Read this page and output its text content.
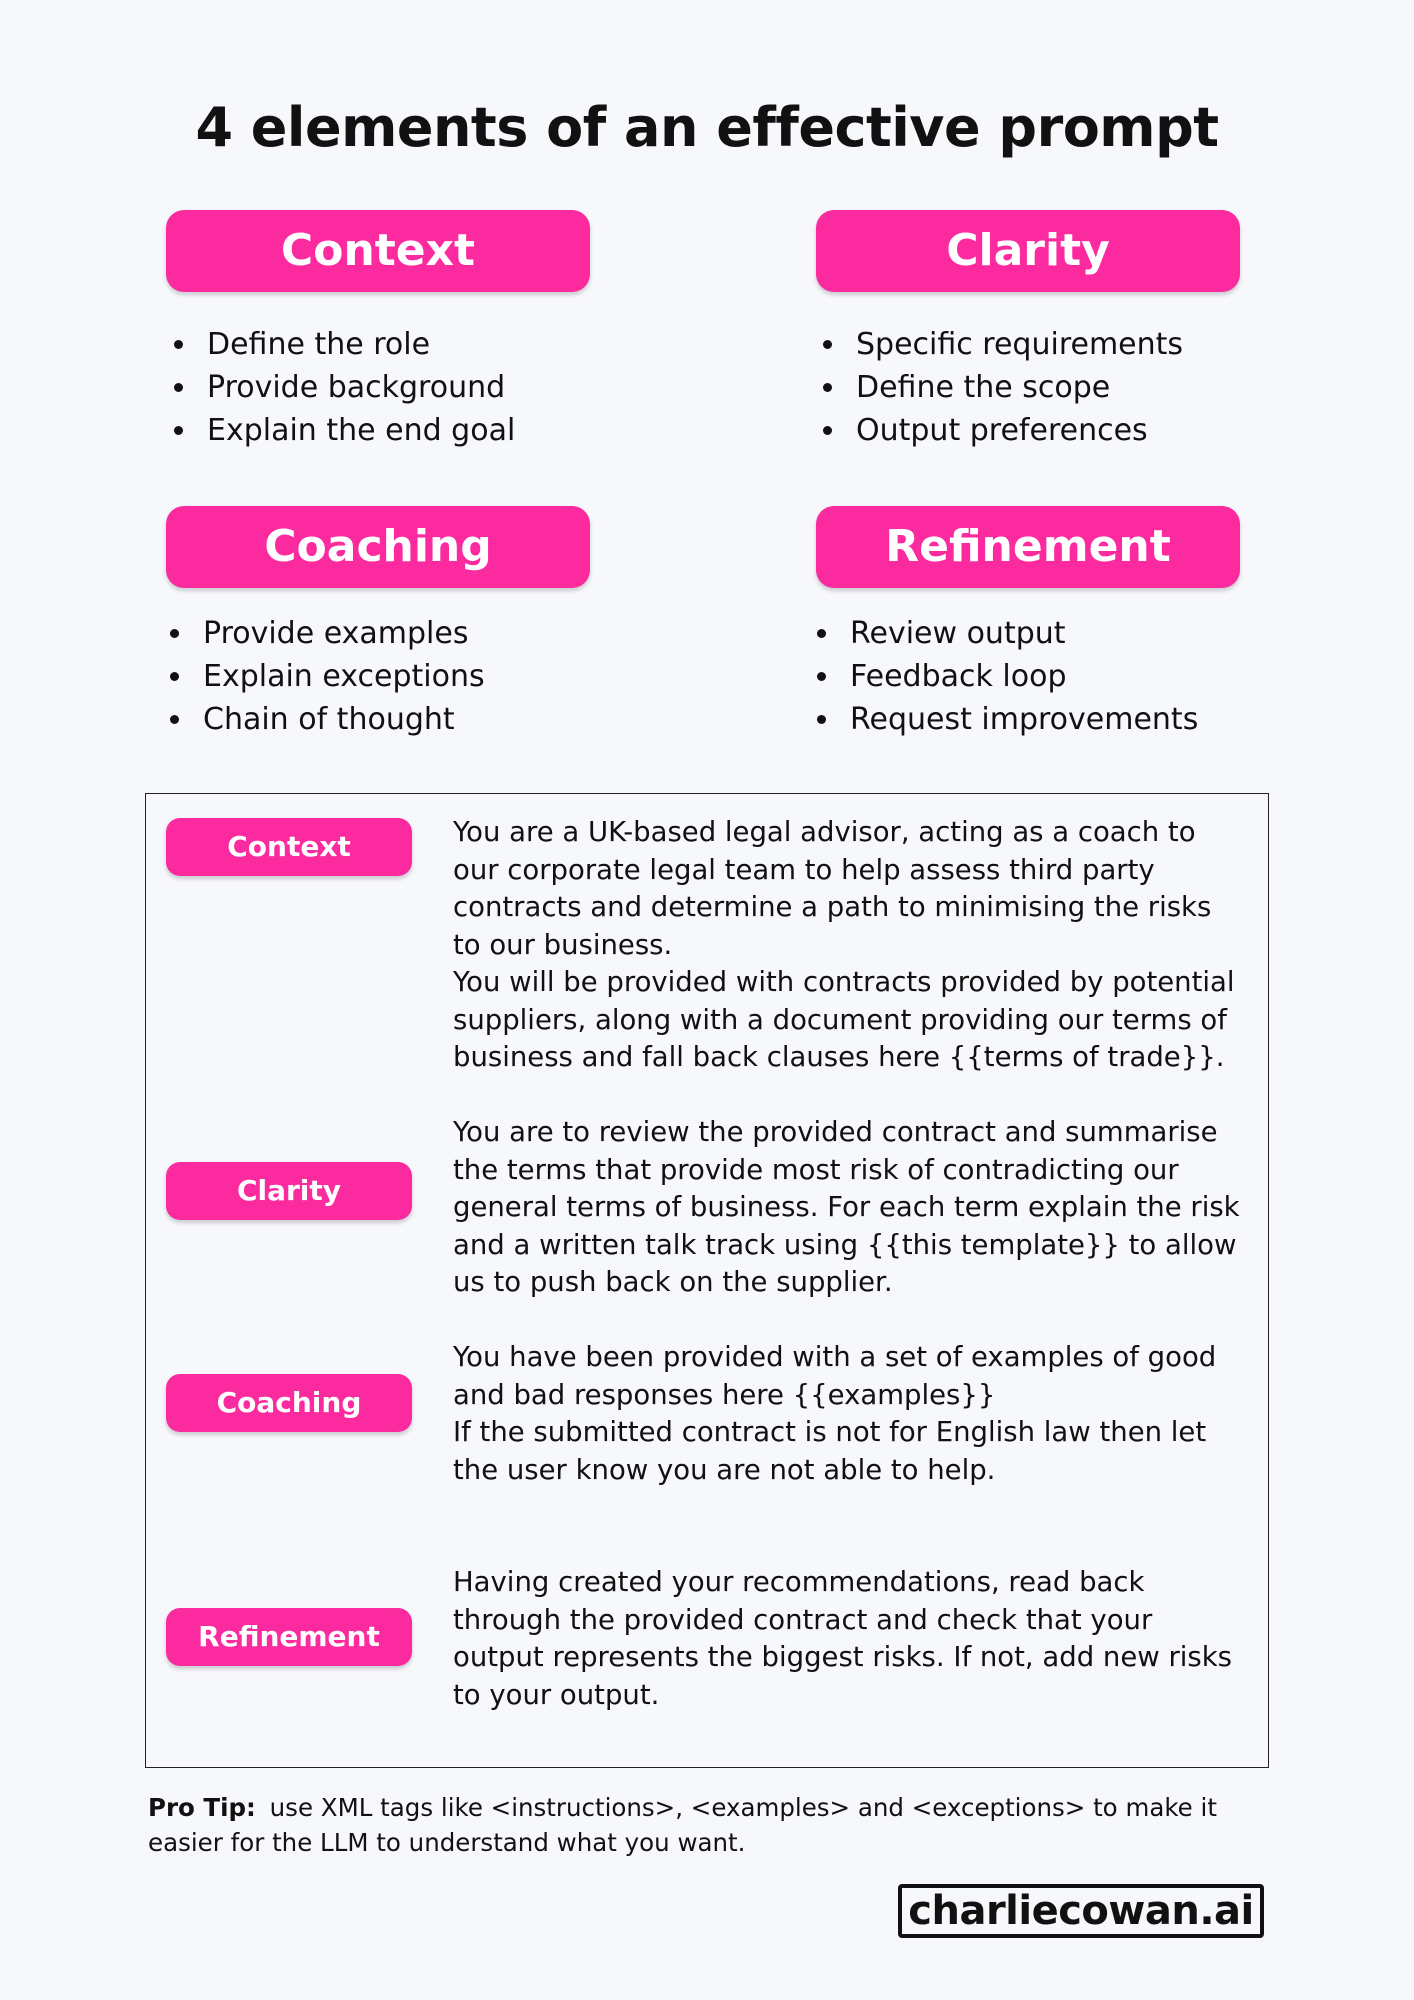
4 elements of an effective prompt
Context
• Define the role
• Provide background
• Explain the end goal
Clarity
• Specific requirements
• Define the scope
• Output preferences
Coaching
• Provide examples
• Explain exceptions
• Chain of thought
Refinement
• Review output
• Feedback loop
• Request improvements
Context	You are a UK-based legal advisor, acting as a coach to our corporate legal team to help assess third party contracts and determine a path to minimising the risks to our business.

You will be provided with contracts provided by potential suppliers, along with a document providing our terms of business and fall back clauses here {{terms of trade}}.

Clarity

You are to review the provided contract and summarise the terms that provide most risk of contradicting our general terms of business. For each term explain the risk and a written talk track using {{this template}} to allow us to push back on the supplier.

Coaching

You have been provided with a set of examples of good and bad responses here {{examples}}

If the submitted contract is not for English law then let the user know you are not able to help.

Refinement

Having created your recommendations, read back through the provided contract and check that your output represents the biggest risks. If not, add new risks to your output.

Pro Tip: use XML tags like <instructions>, <examples> and <exceptions> to make it easier for the LLM to understand what you want.

charliecowan.ai
